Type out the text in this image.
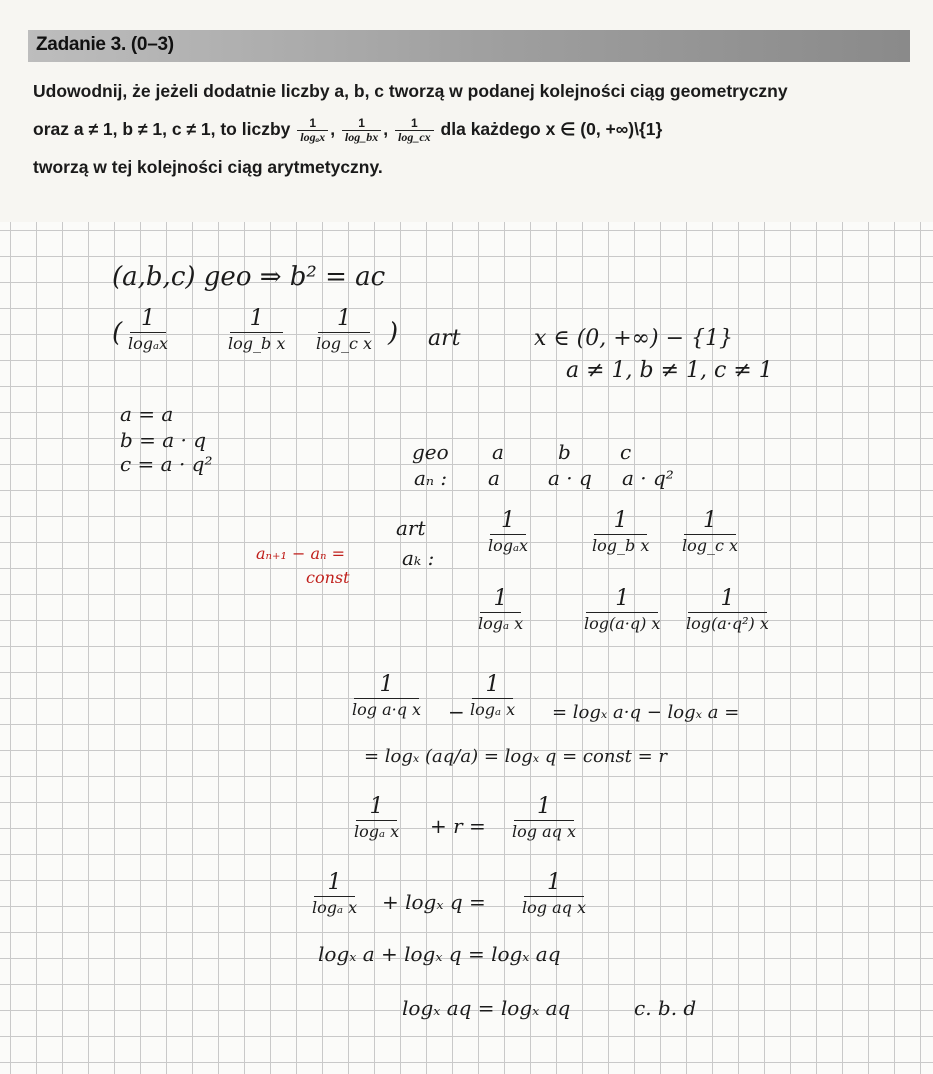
Zadanie 3. (0–3)
Udowodnij, że jeżeli dodatnie liczby a, b, c tworzą w podanej kolejności ciąg geometryczny
oraz a ≠ 1, b ≠ 1, c ≠ 1, to liczby $\frac{1}{\text{logₐx}}$ , $\frac{1}{\log\_bx}$ , $\frac{1}{\log\_cx}$ dla każdego x ∈ (0, +∞)\{1}
tworzą w tej kolejności ciąg arytmetyczny.
(a,b,c) geo ⇒ b² = ac
( 1
logₐx
1
log_b x
1
log_c x ) art	x ∈ (0, +∞) − {1}
a ≠ 1, b ≠ 1, c ≠ 1
a = a
b = a · q
c = a · q²	geo a	b c
aₙ : a a · q a · q²
art
aₖ :
1
logₐx
1
log_b x
1
log_c x
aₙ₊₁ − aₙ =
const
1
logₐ x
1
log(a·q) x
1
log(a·q²) x
1
log a·q x −
1
logₐ x = logₓ a·q − logₓ a =
= logₓ (aq/a) = logₓ q = const = r
1
logₐ x + r =
1
log aq x
1
logₐ x + logₓ q =
1
log aq x
logₓ a + logₓ q = logₓ aq
logₓ aq = logₓ aq	c. b. d
